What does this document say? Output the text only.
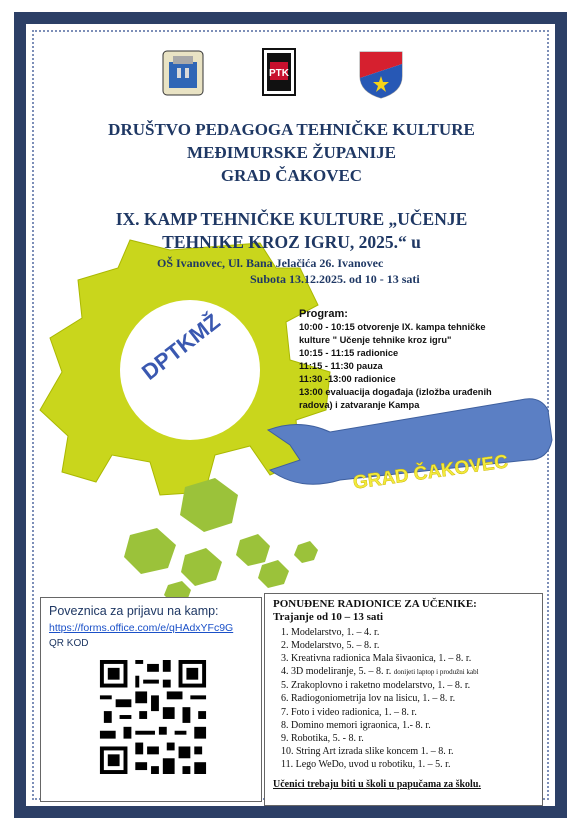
DPTKMŽ
GRAD ČAKOVEC
PTK
DRUŠTVO PEDAGOGA TEHNIČKE KULTURE
MEĐIMURSKE ŽUPANIJE
GRAD ČAKOVEC
IX. KAMP TEHNIČKE KULTURE „UČENJE
TEHNIKE KROZ IGRU, 2025.“ u
OŠ Ivanovec, Ul. Bana Jelačića 26. Ivanovec
Subota 13.12.2025. od 10 - 13 sati
Program:
10:00 - 10:15 otvorenje IX. kampa tehničke
kulture " Učenje tehnike kroz igru"
10:15 - 11:15 radionice
11:15 - 11:30 pauza
11:30 -13:00 radionice
13:00 evaluacija događaja (izložba urađenih
radova) i zatvaranje Kampa
Poveznica za prijavu na kamp:
https://forms.office.com/e/qHAdxYFc9G
QR KOD
PONUĐENE RADIONICE ZA UČENIKE:
Trajanje od 10 – 13 sati
1. Modelarstvo, 1. – 4. r.
2. Modelarstvo, 5. – 8. r.
3. Kreativna radionica Mala šivaonica, 1. – 8. r.
4. 3D modeliranje, 5. – 8. r. donijeti laptop i produžni kabl
5. Zrakoplovno i raketno modelarstvo, 1. – 8. r.
6. Radiogoniometrija lov na lisicu, 1. – 8. r.
7. Foto i video radionica, 1. – 8. r.
8. Domino memori igraonica, 1.- 8. r.
9. Robotika, 5. - 8. r.
10. String Art izrada slike koncem 1. – 8. r.
11. Lego WeDo, uvod u robotiku, 1. – 5. r.
Učenici trebaju biti u školi u papučama za školu.
